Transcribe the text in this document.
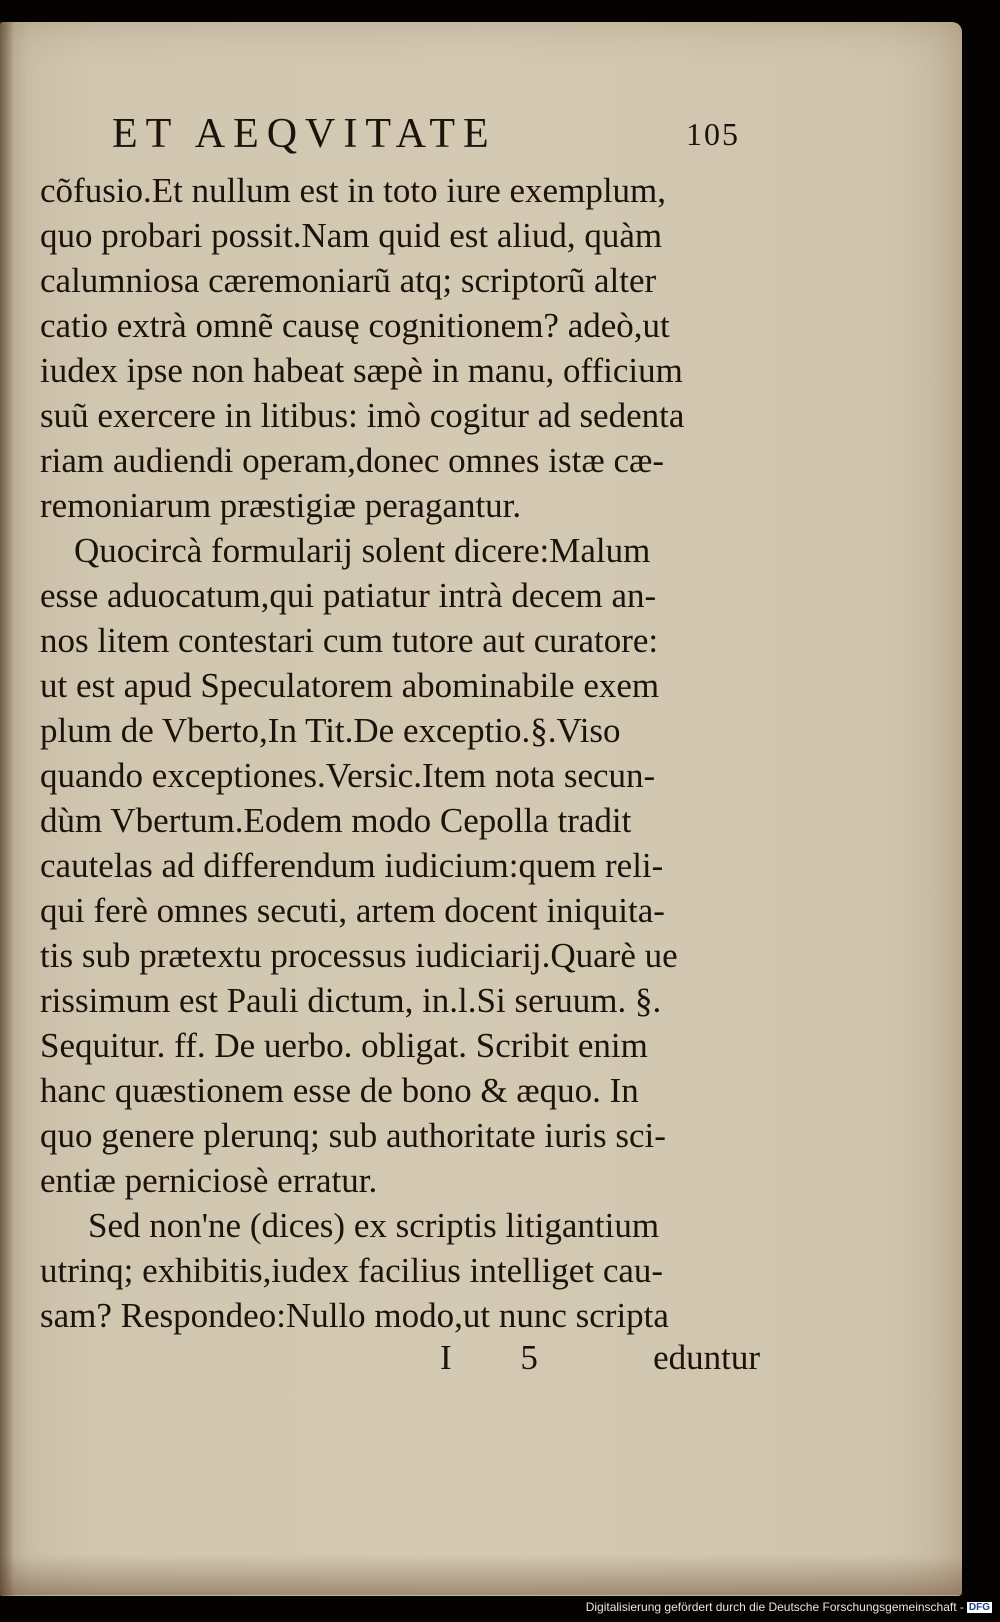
ET AEQVITATE	105
cõfusio.Et nullum est in toto iure exemplum,
quo probari possit.Nam quid est aliud, quàm
calumniosa cæremoniarũ atq; scriptorũ alter
catio extrà omnẽ causę cognitionem? adeò,ut
iudex ipse non habeat sæpè in manu, officium
suũ exercere in litibus: imò cogitur ad sedenta
riam audiendi operam,donec omnes istæ cæ-
remoniarum præstigiæ peragantur.
Quocircà formularij solent dicere:Malum
esse aduocatum,qui patiatur intrà decem an-
nos litem contestari cum tutore aut curatore:
ut est apud Speculatorem abominabile exem
plum de Vberto,In Tit.De exceptio.§.Viso
quando exceptiones.Versic.Item nota secun-
dùm Vbertum.Eodem modo Cepolla tradit
cautelas ad differendum iudicium:quem reli-
qui ferè omnes secuti, artem docent iniquita-
tis sub prætextu processus iudiciarij.Quarè ue
rissimum est Pauli dictum, in.l.Si seruum. §.
Sequitur. ff. De uerbo. obligat. Scribit enim
hanc quæstionem esse de bono & æquo. In
quo genere plerunq; sub authoritate iuris sci-
entiæ perniciosè erratur.
Sed non'ne (dices) ex scriptis litigantium
utrinq; exhibitis,iudex facilius intelliget cau-
sam? Respondeo:Nullo modo,ut nunc scripta
I 5 eduntur
Digitalisierung gefördert durch die Deutsche Forschungsgemeinschaft - DFG
